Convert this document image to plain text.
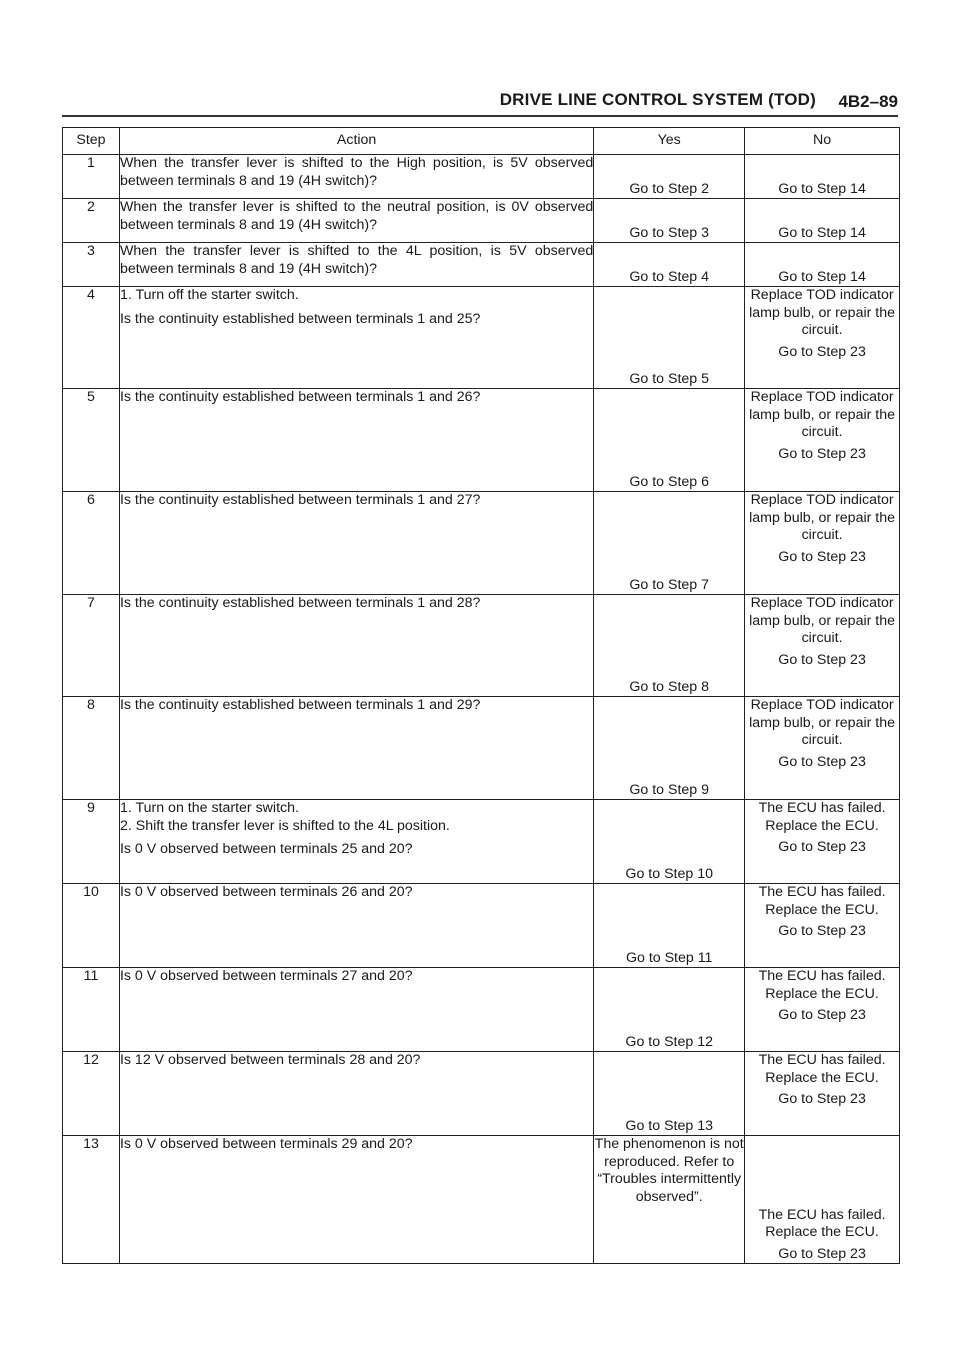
DRIVE LINE CONTROL SYSTEM (TOD) 4B2–89
Step	Action	Yes	No
1	When the transfer lever is shifted to the High position, is 5V observed between terminals 8 and 19 (4H switch)?	Go to Step 2	Go to Step 14

2	When the transfer lever is shifted to the neutral position, is 0V observed between terminals 8 and 19 (4H switch)?	Go to Step 3	Go to Step 14

3	When the transfer lever is shifted to the 4L position, is 5V observed between terminals 8 and 19 (4H switch)?	Go to Step 4	Go to Step 14

4	1. Turn off the starter switch.
Is the continuity established between terminals 1 and 25?	Go to Step 5	Replace TOD indicator lamp bulb, or repair the circuit.
Go to Step 23

5	Is the continuity established between terminals 1 and 26?	Go to Step 6	Replace TOD indicator lamp bulb, or repair the circuit.
Go to Step 23

6	Is the continuity established between terminals 1 and 27?	Go to Step 7	Replace TOD indicator lamp bulb, or repair the circuit.
Go to Step 23

7	Is the continuity established between terminals 1 and 28?	Go to Step 8	Replace TOD indicator lamp bulb, or repair the circuit.
Go to Step 23

8	Is the continuity established between terminals 1 and 29?	Go to Step 9	Replace TOD indicator lamp bulb, or repair the circuit.
Go to Step 23

9	1. Turn on the starter switch.
2. Shift the transfer lever is shifted to the 4L position.
Is 0 V observed between terminals 25 and 20?	Go to Step 10	The ECU has failed. Replace the ECU.
Go to Step 23

10	Is 0 V observed between terminals 26 and 20?	Go to Step 11	The ECU has failed. Replace the ECU.
Go to Step 23

11	Is 0 V observed between terminals 27 and 20?	Go to Step 12	The ECU has failed. Replace the ECU.
Go to Step 23

12	Is 12 V observed between terminals 28 and 20?	Go to Step 13	The ECU has failed. Replace the ECU.
Go to Step 23

13	Is 0 V observed between terminals 29 and 20?	The phenomenon is not reproduced. Refer to “Troubles intermittently observed”.	The ECU has failed. Replace the ECU.
Go to Step 23
